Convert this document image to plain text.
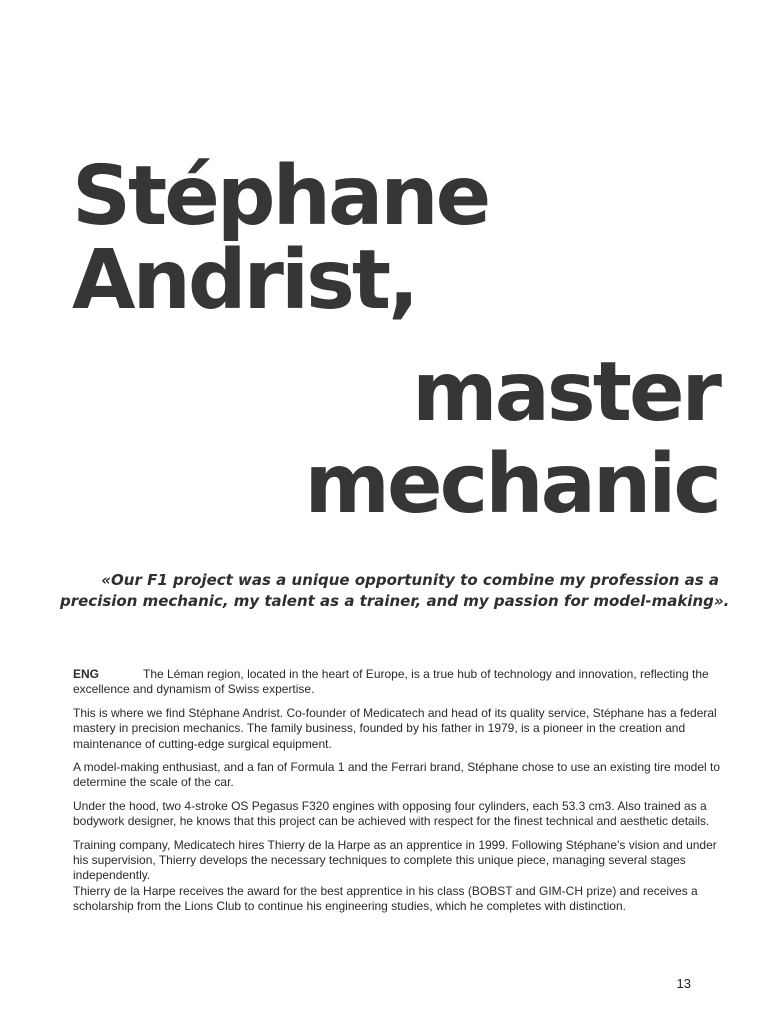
Stéphane
Andrist,
master
mechanic
«Our F1 project was a unique opportunity to combine my profession as a
precision mechanic, my talent as a trainer, and my passion for model-making».

ENG	The Léman region, located in the heart of Europe, is a true hub of technology and innovation, reflecting the excellence and dynamism of Swiss expertise.

This is where we find Stéphane Andrist. Co-founder of Medicatech and head of its quality service, Stéphane has a federal mastery in precision mechanics. The family business, founded by his father in 1979, is a pioneer in the creation and maintenance of cutting-edge surgical equipment.

A model-making enthusiast, and a fan of Formula 1 and the Ferrari brand, Stéphane chose to use an existing tire model to determine the scale of the car.

Under the hood, two 4-stroke OS Pegasus F320 engines with opposing four cylinders, each 53.3 cm3. Also trained as a bodywork designer, he knows that this project can be achieved with respect for the finest technical and aesthetic details.

Training company, Medicatech hires Thierry de la Harpe as an apprentice in 1999. Following Stéphane's vision and under his supervision, Thierry develops the necessary techniques to complete this unique piece, managing several stages independently.

Thierry de la Harpe receives the award for the best apprentice in his class (BOBST and GIM-CH prize) and receives a scholarship from the Lions Club to continue his engineering studies, which he completes with distinction.

13
